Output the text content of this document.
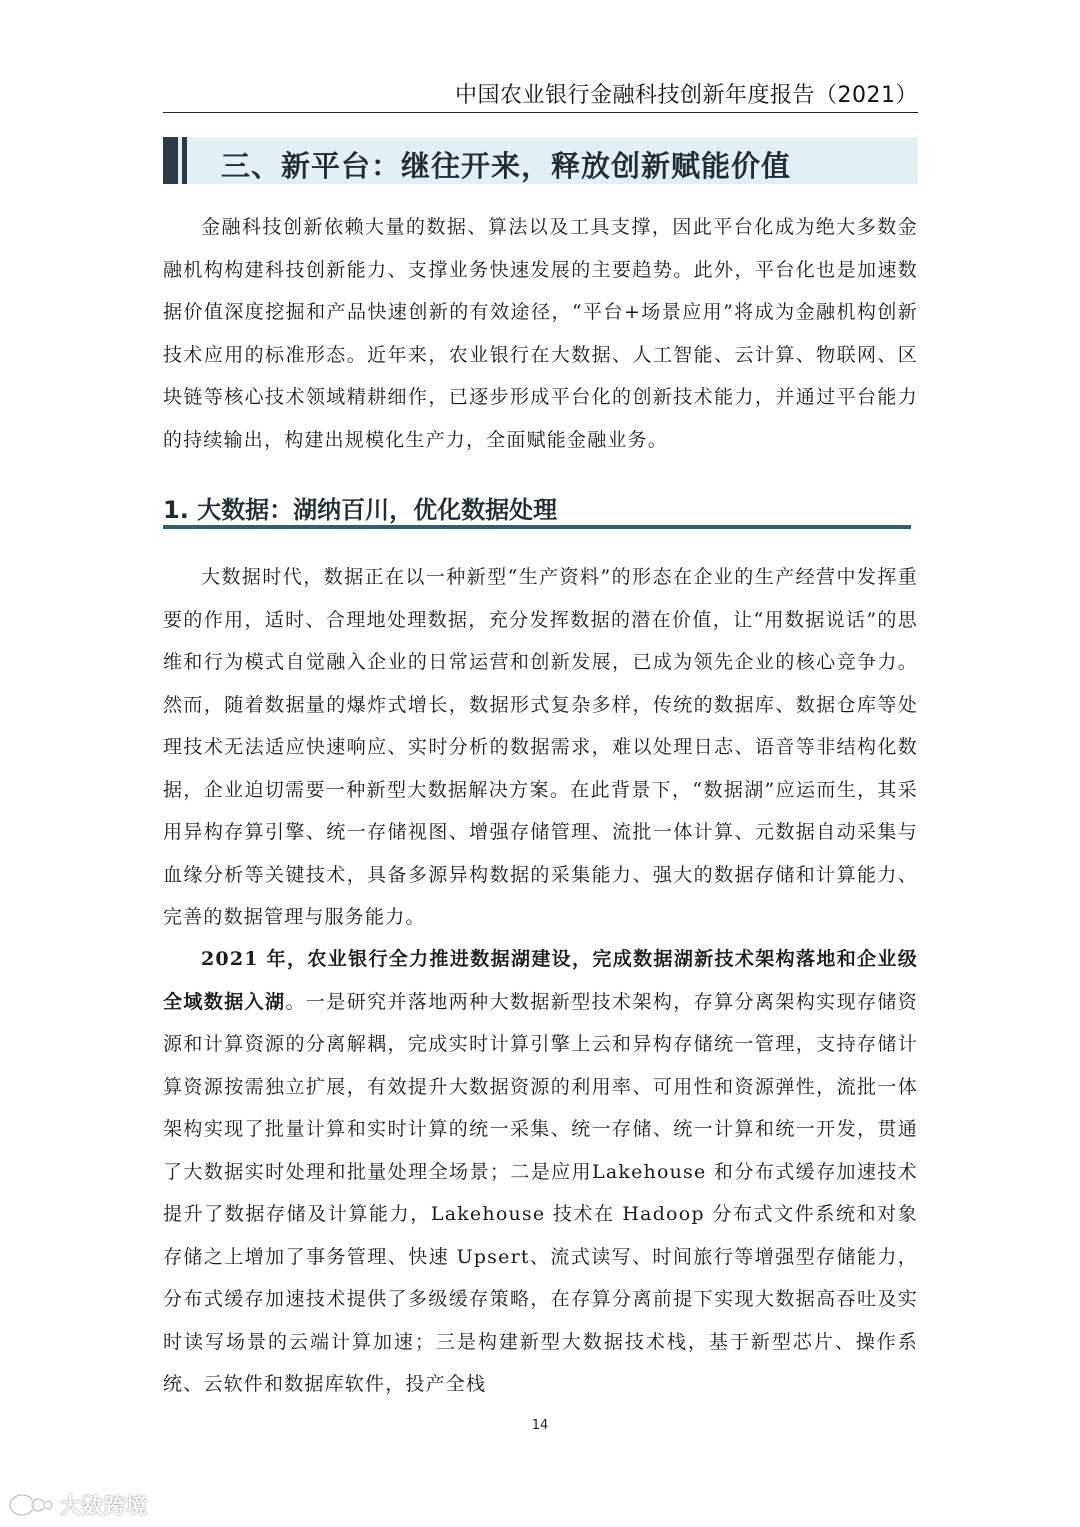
中国农业银行金融科技创新年度报告（2021）
三、新平台：继往开来，释放创新赋能价值

金融科技创新依赖大量的数据、算法以及工具支撑，因此平台化成为绝大多数金融机构构建科技创新能力、支撑业务快速发展的主要趋势。此外，平台化也是加速数据价值深度挖掘和产品快速创新的有效途径，“平台+场景应用”将成为金融机构创新技术应用的标准形态。近年来，农业银行在大数据、人工智能、云计算、物联网、区块链等核心技术领域精耕细作，已逐步形成平台化的创新技术能力，并通过平台能力的持续输出，构建出规模化生产力，全面赋能金融业务。

1. 大数据：湖纳百川，优化数据处理

大数据时代，数据正在以一种新型“生产资料”的形态在企业的生产经营中发挥重要的作用，适时、合理地处理数据，充分发挥数据的潜在价值，让“用数据说话”的思维和行为模式自觉融入企业的日常运营和创新发展，已成为领先企业的核心竞争力。然而，随着数据量的爆炸式增长，数据形式复杂多样，传统的数据库、数据仓库等处理技术无法适应快速响应、实时分析的数据需求，难以处理日志、语音等非结构化数据，企业迫切需要一种新型大数据解决方案。在此背景下，“数据湖”应运而生，其采用异构存算引擎、统一存储视图、增强存储管理、流批一体计算、元数据自动采集与血缘分析等关键技术，具备多源异构数据的采集能力、强大的数据存储和计算能力、完善的数据管理与服务能力。

2021 年，农业银行全力推进数据湖建设，完成数据湖新技术架构落地和企业级全域数据入湖。一是研究并落地两种大数据新型技术架构，存算分离架构实现存储资源和计算资源的分离解耦，完成实时计算引擎上云和异构存储统一管理，支持存储计算资源按需独立扩展，有效提升大数据资源的利用率、可用性和资源弹性，流批一体架构实现了批量计算和实时计算的统一采集、统一存储、统一计算和统一开发，贯通了大数据实时处理和批量处理全场景；二是应用Lakehouse 和分布式缓存加速技术提升了数据存储及计算能力，Lakehouse 技术在 Hadoop 分布式文件系统和对象存储之上增加了事务管理、快速 Upsert、流式读写、时间旅行等增强型存储能力，分布式缓存加速技术提供了多级缓存策略，在存算分离前提下实现大数据高吞吐及实时读写场景的云端计算加速；三是构建新型大数据技术栈，基于新型芯片、操作系统、云软件和数据库软件，投产全栈

14
大数跨境
